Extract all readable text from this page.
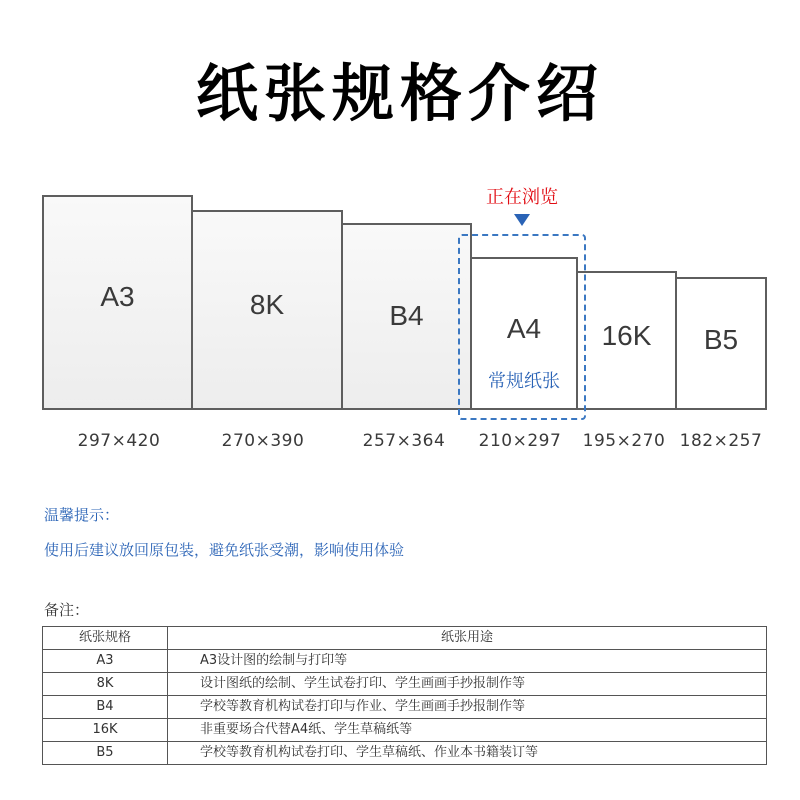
纸张规格介绍
A3	8K	B4	A4
常规纸张
16K	B5
正在浏览
297×420	270×390	257×364	210×297	195×270 182×257
温馨提示：
使用后建议放回原包装，避免纸张受潮，影响使用体验
备注：
纸张规格	纸张用途
A3	A3设计图的绘制与打印等
8K	设计图纸的绘制、学生试卷打印、学生画画手抄报制作等
B4	学校等教育机构试卷打印与作业、学生画画手抄报制作等
16K	非重要场合代替A4纸、学生草稿纸等
B5	学校等教育机构试卷打印、学生草稿纸、作业本书籍装订等
